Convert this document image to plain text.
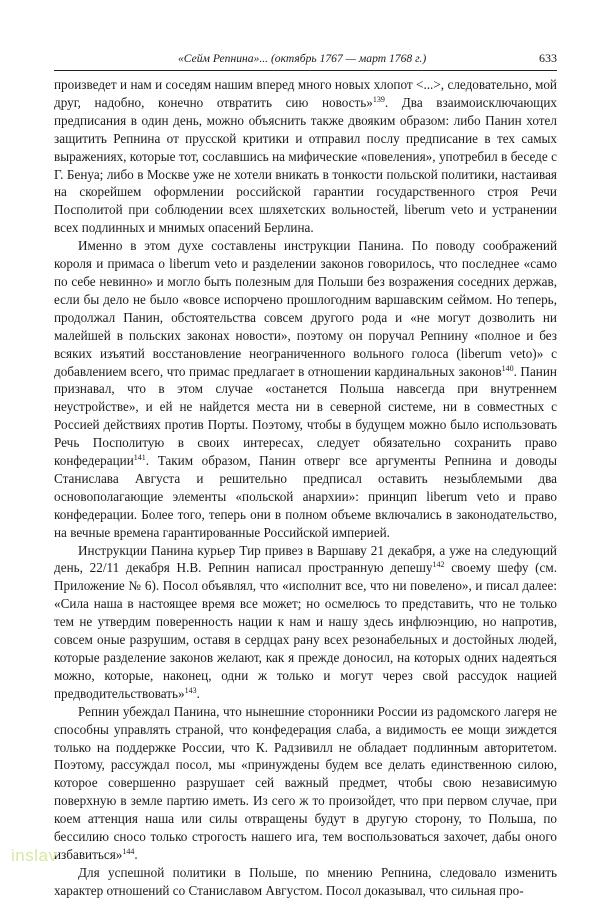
«Сейм Репнина»... (октябрь 1767 — март 1768 г.)	633

произведет и нам и соседям нашим вперед много новых хлопот <...>, следовательно, мой друг, надобно, конечно отвратить сию новость»$^{139}$. Два взаимоисключающих предписания в один день, можно объяснить также двояким образом: либо Панин хотел защитить Репнина от прусской критики и отправил послу предписание в тех самых выражениях, которые тот, сославшись на мифические «повеления», употребил в беседе с Г. Бенуа; либо в Москве уже не хотели вникать в тонкости польской политики, настаивая на скорейшем оформлении российской гарантии государственного строя Речи Посполитой при соблюдении всех шляхетских вольностей, liberum veto и устранении всех подлинных и мнимых опасений Берлина.

Именно в этом духе составлены инструкции Панина. По поводу соображений короля и примаса о liberum veto и разделении законов говорилось, что последнее «само по себе невинно» и могло быть полезным для Польши без возражения соседних держав, если бы дело не было «вовсе испорчено прошлогодним варшавским сеймом. Но теперь, продолжал Панин, обстоятельства совсем другого рода и «не могут дозволить ни малейшей в польских законах новости», поэтому он поручал Репнину «полное и без всяких изъятий восстановление неограниченного вольного голоса (liberum veto)» с добавлением всего, что примас предлагает в отношении кардинальных законов$^{140}$. Панин признавал, что в этом случае «останется Польша навсегда при внутреннем неустройстве», и ей не найдется места ни в северной системе, ни в совместных с Россией действиях против Порты. Поэтому, чтобы в будущем можно было использовать Речь Посполитую в своих интересах, следует обязательно сохранить право конфедерации$^{141}$. Таким образом, Панин отверг все аргументы Репнина и доводы Станислава Августа и решительно предписал оставить незыблемыми два основополагающие элементы «польской анархии»: принцип liberum veto и право конфедерации. Более того, теперь они в полном объеме включались в законодательство, на вечные времена гарантированные Российской империей.

Инструкции Панина курьер Тир привез в Варшаву 21 декабря, а уже на следующий день, 22/11 декабря Н.В. Репнин написал пространную депешу$^{142}$ своему шефу (см. Приложение № 6). Посол объявлял, что «исполнит все, что ни повелено», и писал далее: «Сила наша в настоящее время все может; но осмелюсь то представить, что не только тем не утвердим поверенность нации к нам и нашу здесь инфлюэнцию, но напротив, совсем оные разрушим, оставя в сердцах рану всех резонабельных и достойных людей, которые разделение законов желают, как я прежде доносил, на которых одних надеяться можно, которые, наконец, одни ж только и могут через свой рассудок нацией предводительствовать»$^{143}$.

Репнин убеждал Панина, что нынешние сторонники России из радомского лагеря не способны управлять страной, что конфедерация слаба, а видимость ее мощи зиждется только на поддержке России, что К. Радзивилл не обладает подлинным авторитетом. Поэтому, рассуждал посол, мы «принуждены будем все делать единственною силою, которое совершенно разрушает сей важный предмет, чтобы свою независимую поверхную в земле партию иметь. Из сего ж то произойдет, что при первом случае, при коем аттенция наша или силы отвращены будут в другую сторону, то Польша, по бессилию сносо только строгость нашего ига, тем воспользоваться захочет, дабы оного избавиться»$^{144}$.

Для успешной политики в Польше, по мнению Репнина, следовало изменить характер отношений со Станиславом Августом. Посол доказывал, что сильная про-

inslav
